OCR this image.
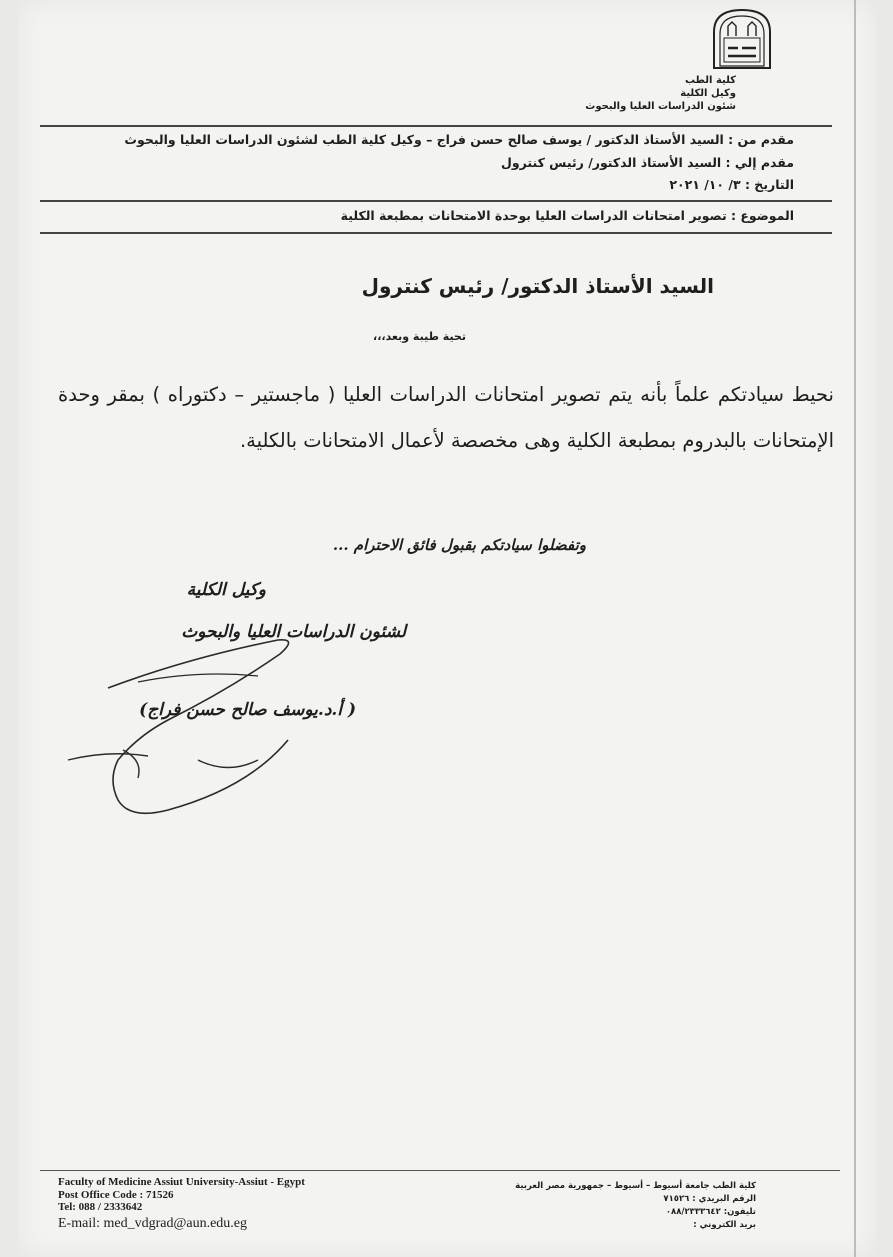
كلية الطب
وكيل الكلية
شئون الدراسات العليا والبحوث
مقدم من : السيد الأستاذ الدكتور / يوسف صالح حسن فراج – وكيل كلية الطب لشئون الدراسات العليا والبحوث
مقدم إلي : السيد الأستاذ الدكتور/ رئيس كنترول
التاريخ : ٣/ ١٠/ ٢٠٢١
الموضوع : تصوير امتحانات الدراسات العليا بوحدة الامتحانات بمطبعة الكلية
السيد الأستاذ الدكتور/ رئيس كنترول
تحية طيبة وبعد،،،
نحيط سيادتكم علماً بأنه يتم تصوير امتحانات الدراسات العليا ( ماجستير – دكتوراه ) بمقر وحدة الإمتحانات بالبدروم بمطبعة الكلية وهى مخصصة لأعمال الامتحانات بالكلية.
وتفضلوا سيادتكم بقبول فائق الاحترام ...
وكيل الكلية
لشئون الدراسات العليا والبحوث
( أ.د.يوسف صالح حسن فراج)
Faculty of Medicine Assiut University-Assiut - Egypt
Post Office Code : 71526
Tel: 088 / 2333642
E-mail: med_vdgrad@aun.edu.eg
كلية الطب جامعة أسيوط – أسيوط – جمهورية مصر العربية
الرقم البريدي : ٧١٥٢٦
تليفون: ٠٨٨/٢٣٣٣٦٤٢
بريد الكتروني :
